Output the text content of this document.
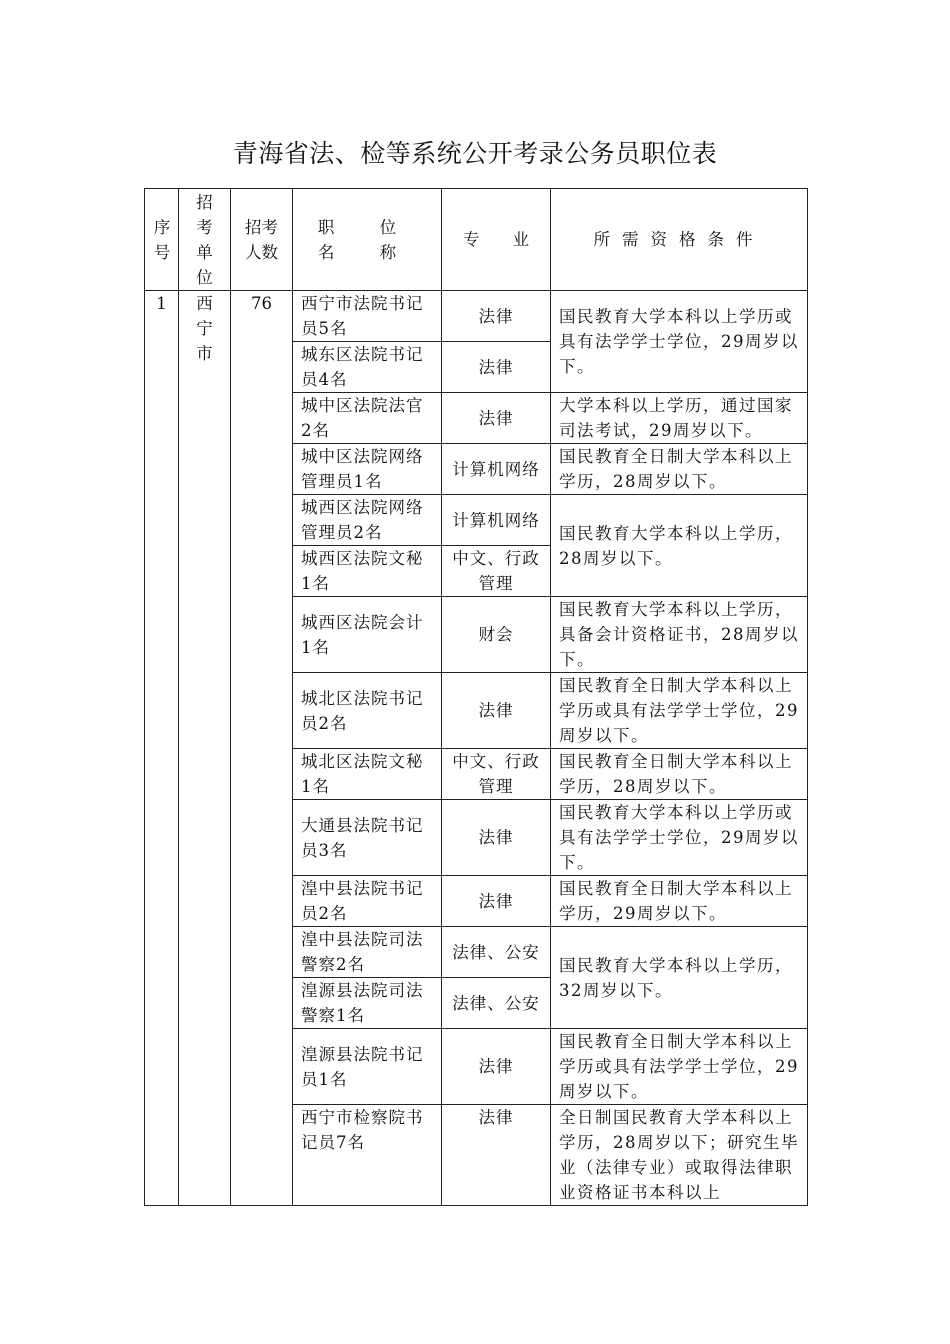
青海省法、检等系统公开考录公务员职位表
序号	招考单位	招考人数	职 位 名 称	专　　业	所需资格条件

1	西宁市	76	西宁市法院书记员5名	法律	国民教育大学本科以上学历或具有法学学士学位，29周岁以下。
			城东区法院书记员4名	法律	
			城中区法院法官2名	法律	大学本科以上学历，通过国家司法考试，29周岁以下。
			城中区法院网络管理员1名	计算机网络	国民教育全日制大学本科以上学历，28周岁以下。
			城西区法院网络管理员2名	计算机网络	国民教育大学本科以上学历，28周岁以下。
			城西区法院文秘1名	中文、行政管理	
			城西区法院会计1名	财会	国民教育大学本科以上学历，具备会计资格证书，28周岁以下。
			城北区法院书记员2名	法律	国民教育全日制大学本科以上学历或具有法学学士学位，29周岁以下。
			城北区法院文秘1名	中文、行政管理	国民教育全日制大学本科以上学历，28周岁以下。
			大通县法院书记员3名	法律	国民教育大学本科以上学历或具有法学学士学位，29周岁以下。
			湟中县法院书记员2名	法律	国民教育全日制大学本科以上学历，29周岁以下。
			湟中县法院司法警察2名	法律、公安	国民教育大学本科以上学历，32周岁以下。
			湟源县法院司法警察1名	法律、公安	
			湟源县法院书记员1名	法律	国民教育全日制大学本科以上学历或具有法学学士学位，29周岁以下。
			西宁市检察院书记员7名	法律	全日制国民教育大学本科以上学历，28周岁以下；研究生毕业（法律专业）或取得法律职业资格证书本科以上
